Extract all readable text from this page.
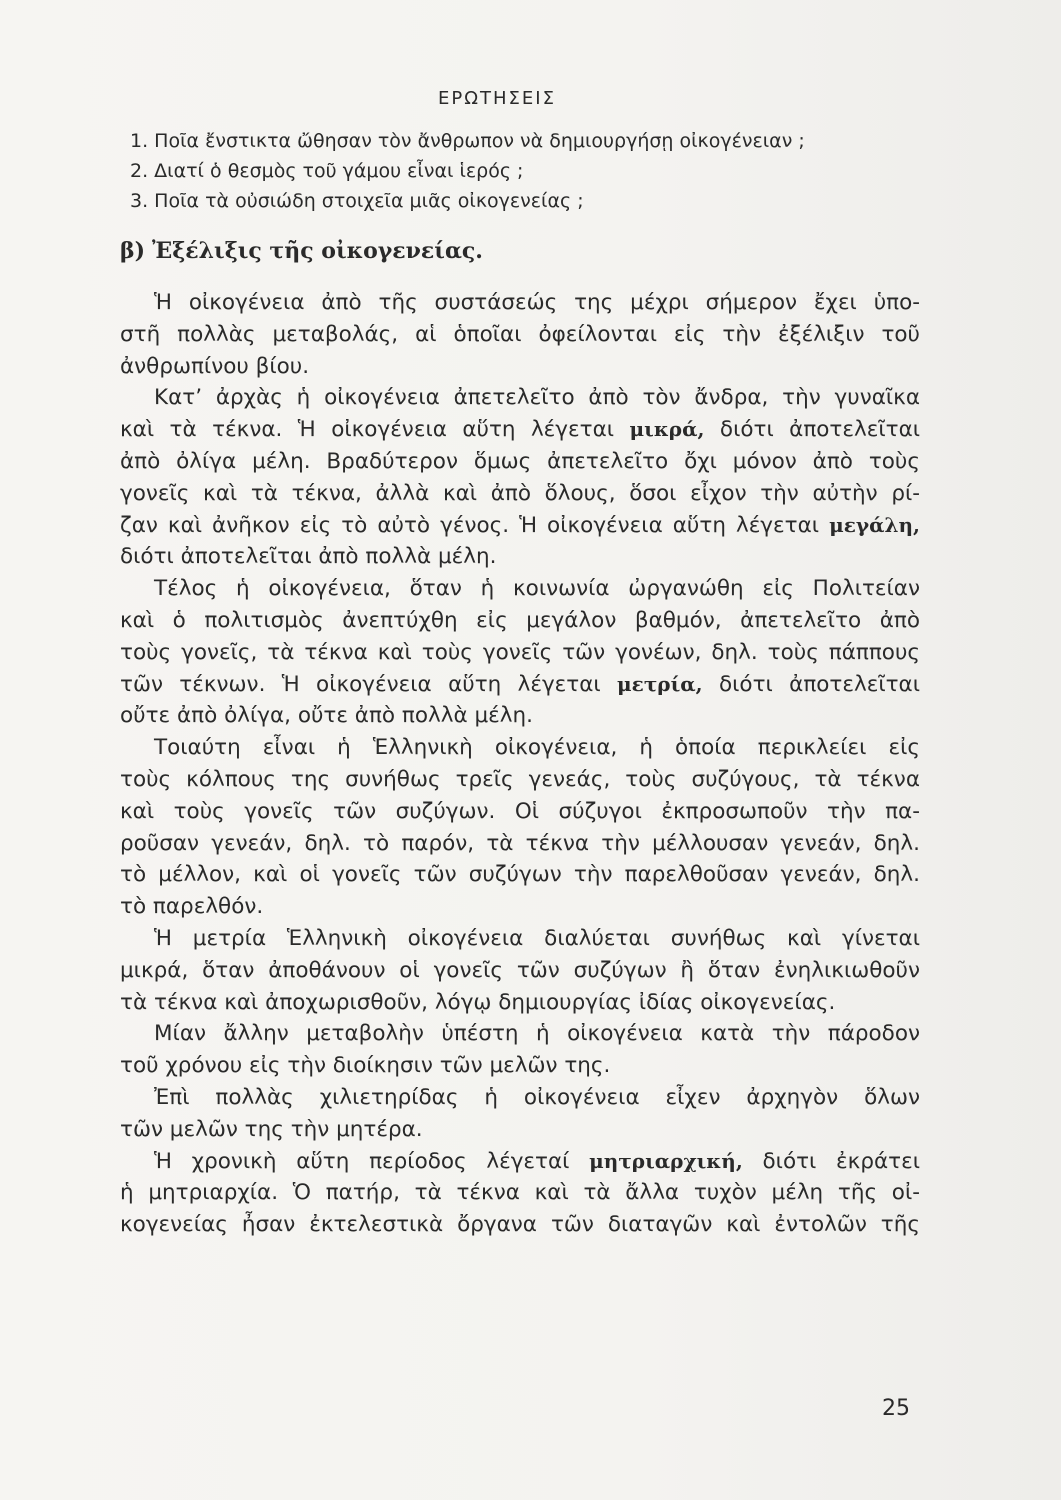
ΕΡΩΤΗΣΕΙΣ
1. Ποῖα ἔνστικτα ὤθησαν τὸν ἄνθρωπον νὰ δημιουργήσῃ οἰκογένειαν ;
2. Διατί ὁ θεσμὸς τοῦ γάμου εἶναι ἱερός ;
3. Ποῖα τὰ οὐσιώδη στοιχεῖα μιᾶς οἰκογενείας ;
β) Ἐξέλιξις τῆς οἰκογενείας.
Ἡ οἰκογένεια ἀπὸ τῆς συστάσεώς της μέχρι σήμερον ἔχει ὑπο-
στῆ πολλὰς μεταβολάς, αἱ ὁποῖαι ὀφείλονται εἰς τὴν ἐξέλιξιν τοῦ
ἀνθρωπίνου βίου.
Κατ’ ἀρχὰς ἡ οἰκογένεια ἀπετελεῖτο ἀπὸ τὸν ἄνδρα, τὴν γυναῖκα
καὶ τὰ τέκνα. Ἡ οἰκογένεια αὕτη λέγεται μικρά, διότι ἀποτελεῖται
ἀπὸ ὀλίγα μέλη. Βραδύτερον ὅμως ἀπετελεῖτο ὄχι μόνον ἀπὸ τοὺς
γονεῖς καὶ τὰ τέκνα, ἀλλὰ καὶ ἀπὸ ὅλους, ὅσοι εἶχον τὴν αὐτὴν ρί-
ζαν καὶ ἀνῆκον εἰς τὸ αὐτὸ γένος. Ἡ οἰκογένεια αὕτη λέγεται μεγάλη,
διότι ἀποτελεῖται ἀπὸ πολλὰ μέλη.
Τέλος ἡ οἰκογένεια, ὅταν ἡ κοινωνία ὠργανώθη εἰς Πολιτείαν
καὶ ὁ πολιτισμὸς ἀνεπτύχθη εἰς μεγάλον βαθμόν, ἀπετελεῖτο ἀπὸ
τοὺς γονεῖς, τὰ τέκνα καὶ τοὺς γονεῖς τῶν γονέων, δηλ. τοὺς πάππους
τῶν τέκνων. Ἡ οἰκογένεια αὕτη λέγεται μετρία, διότι ἀποτελεῖται
οὔτε ἀπὸ ὀλίγα, οὔτε ἀπὸ πολλὰ μέλη.
Τοιαύτη εἶναι ἡ Ἑλληνικὴ οἰκογένεια, ἡ ὁποία περικλείει εἰς
τοὺς κόλπους της συνήθως τρεῖς γενεάς, τοὺς συζύγους, τὰ τέκνα
καὶ τοὺς γονεῖς τῶν συζύγων. Οἱ σύζυγοι ἐκπροσωποῦν τὴν πα-
ροῦσαν γενεάν, δηλ. τὸ παρόν, τὰ τέκνα τὴν μέλλουσαν γενεάν, δηλ.
τὸ μέλλον, καὶ οἱ γονεῖς τῶν συζύγων τὴν παρελθοῦσαν γενεάν, δηλ.
τὸ παρελθόν.
Ἡ μετρία Ἑλληνικὴ οἰκογένεια διαλύεται συνήθως καὶ γίνεται
μικρά, ὅταν ἀποθάνουν οἱ γονεῖς τῶν συζύγων ἢ ὅταν ἐνηλικιωθοῦν
τὰ τέκνα καὶ ἀποχωρισθοῦν, λόγῳ δημιουργίας ἰδίας οἰκογενείας.
Μίαν ἄλλην μεταβολὴν ὑπέστη ἡ οἰκογένεια κατὰ τὴν πάροδον
τοῦ χρόνου εἰς τὴν διοίκησιν τῶν μελῶν της.
Ἐπὶ πολλὰς χιλιετηρίδας ἡ οἰκογένεια εἶχεν ἀρχηγὸν ὅλων
τῶν μελῶν της τὴν μητέρα.
Ἡ χρονικὴ αὕτη περίοδος λέγεταί μητριαρχική, διότι ἐκράτει
ἡ μητριαρχία. Ὁ πατήρ, τὰ τέκνα καὶ τὰ ἄλλα τυχὸν μέλη τῆς οἰ-
κογενείας ἦσαν ἐκτελεστικὰ ὄργανα τῶν διαταγῶν καὶ ἐντολῶν τῆς
25
